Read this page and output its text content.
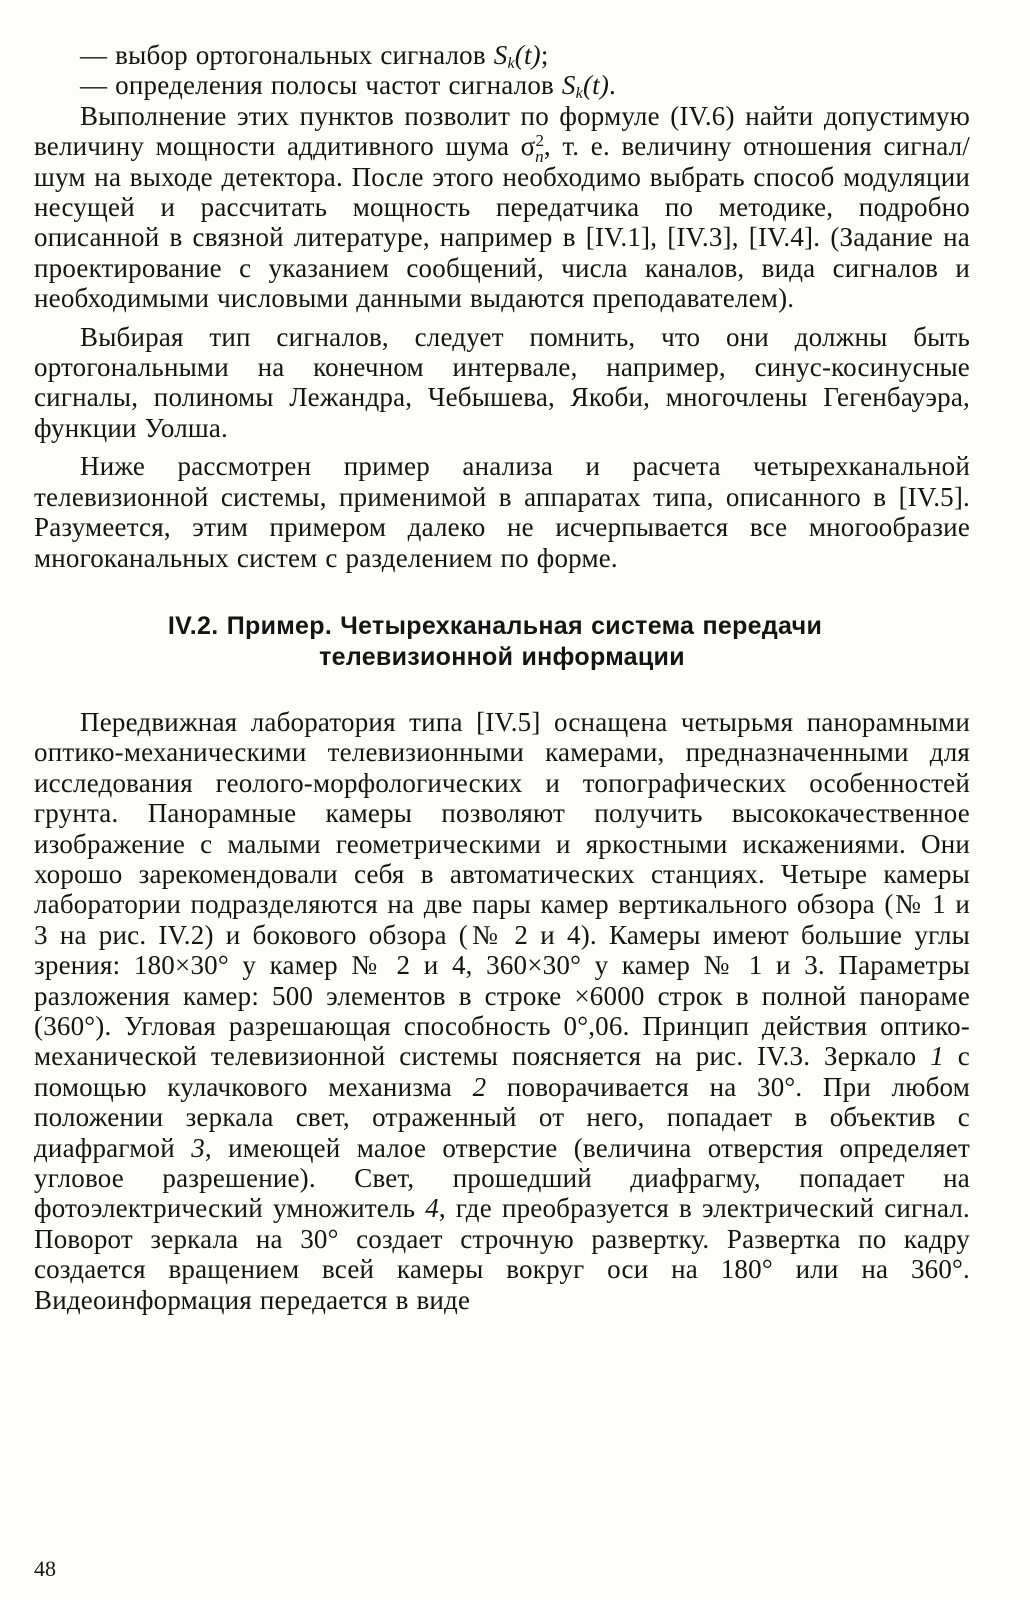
— выбор ортогональных сигналов $S_k(t)$;

— определения полосы частот сигналов $S_k(t)$.

Выполнение этих пунктов позволит по формуле (IV.6) найти допустимую величину мощности аддитивного шума $\sigma^2_n$, т. е. величину отношения сигнал/шум на выходе детектора. После этого необходимо выбрать способ модуляции несущей и рассчитать мощность передатчика по методике, подробно описанной в связной литературе, например в [IV.1], [IV.3], [IV.4]. (Задание на проектирование с указанием сообщений, числа каналов, вида сигналов и необходимыми числовыми данными выдаются преподавателем).

Выбирая тип сигналов, следует помнить, что они должны быть ортогональными на конечном интервале, например, синус-косинусные сигналы, полиномы Лежандра, Чебышева, Якоби, многочлены Гегенбауэра, функции Уолша.

Ниже рассмотрен пример анализа и расчета четырехканальной телевизионной системы, применимой в аппаратах типа, описанного в [IV.5]. Разумеется, этим примером далеко не исчерпывается все многообразие многоканальных систем с разделением по форме.

IV.2. Пример. Четырехканальная система передачи
телевизионной информации

Передвижная лаборатория типа [IV.5] оснащена четырьмя панорамными оптико-механическими телевизионными камерами, предназначенными для исследования геолого-морфологических и топографических особенностей грунта. Панорамные камеры позволяют получить высококачественное изображение с малыми геометрическими и яркостными искажениями. Они хорошо зарекомендовали себя в автоматических станциях. Четыре камеры лаборатории подразделяются на две пары камер вертикального обзора (№ 1 и 3 на рис. IV.2) и бокового обзора (№ 2 и 4). Камеры имеют большие углы зрения: 180×30° у камер № 2 и 4, 360×30° у камер № 1 и 3. Параметры разложения камер: 500 элементов в строке ×6000 строк в полной панораме (360°). Угловая разрешающая способность 0°,06. Принцип действия оптико-механической телевизионной системы поясняется на рис. IV.3. Зеркало 1 с помощью кулачкового механизма 2 поворачивается на 30°. При любом положении зеркала свет, отраженный от него, попадает в объектив с диафрагмой 3, имеющей малое отверстие (величина отверстия определяет угловое разрешение). Свет, прошедший диафрагму, попадает на фотоэлектрический умножитель 4, где преобразуется в электрический сигнал. Поворот зеркала на 30° создает строчную развертку. Развертка по кадру создается вращением всей камеры вокруг оси на 180° или на 360°. Видеоинформация передается в виде

48
